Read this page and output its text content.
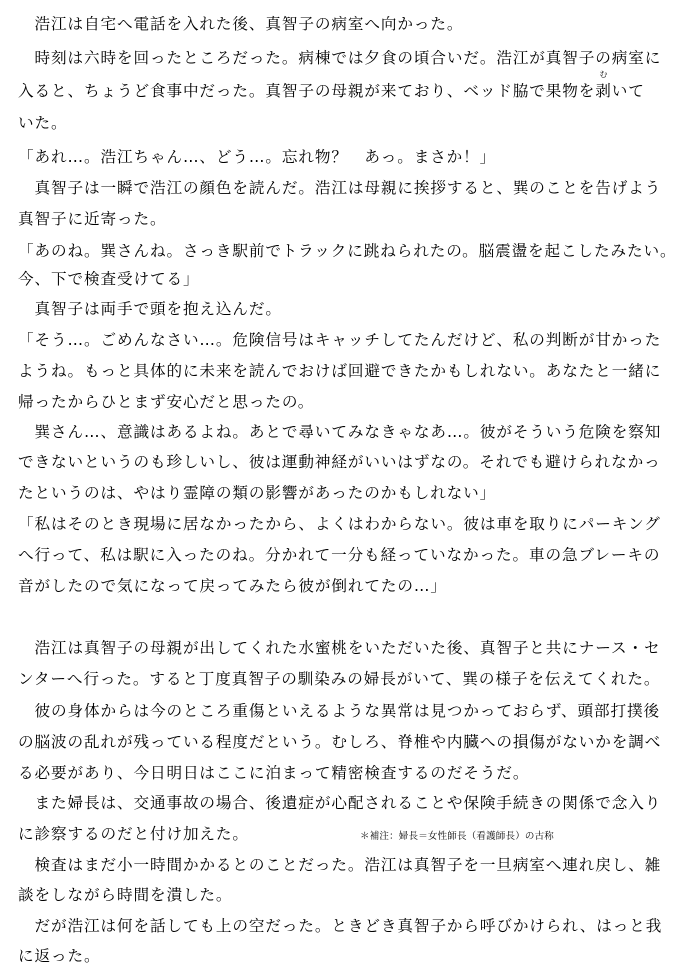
　浩江は自宅へ電話を入れた後、真智子の病室へ向かった。
　時刻は六時を回ったところだった。病棟では夕食の頃合いだ。浩江が真智子の病室に
入ると、ちょうど食事中だった。真智子の母親が来ており、ベッド脇で果物を剥
む
いて
いた。
「あれ…。浩江ちゃん…、どう…。忘れ物？　あっ。まさか！」
　真智子は一瞬で浩江の顔色を読んだ。浩江は母親に挨拶すると、巽のことを告げよう
真智子に近寄った。
「あのね。巽さんね。さっき駅前でトラックに跳ねられたの。脳震盪を起こしたみたい。
今、下で検査受けてる」
　真智子は両手で頭を抱え込んだ。
「そう…。ごめんなさい…。危険信号はキャッチしてたんだけど、私の判断が甘かった
ようね。もっと具体的に未来を読んでおけば回避できたかもしれない。あなたと一緒に
帰ったからひとまず安心だと思ったの。
　巽さん…、意識はあるよね。あとで尋いてみなきゃなあ…。彼がそういう危険を察知
できないというのも珍しいし、彼は運動神経がいいはずなの。それでも避けられなかっ
たというのは、やはり霊障の類の影響があったのかもしれない」
「私はそのとき現場に居なかったから、よくはわからない。彼は車を取りにパーキング
へ行って、私は駅に入ったのね。分かれて一分も経っていなかった。車の急ブレーキの
音がしたので気になって戻ってみたら彼が倒れてたの…」
　浩江は真智子の母親が出してくれた水蜜桃をいただいた後、真智子と共にナース・セ
ンターへ行った。すると丁度真智子の馴染みの婦長がいて、巽の様子を伝えてくれた。
　彼の身体からは今のところ重傷といえるような異常は見つかっておらず、頭部打撲後
の脳波の乱れが残っている程度だという。むしろ、脊椎や内臓への損傷がないかを調べ
る必要があり、今日明日はここに泊まって精密検査するのだそうだ。
　また婦長は、交通事故の場合、後遺症が心配されることや保険手続きの関係で念入り
に診察するのだと付け加えた。	＊補注：婦長＝女性師長（看護師長）の古称
　検査はまだ小一時間かかるとのことだった。浩江は真智子を一旦病室へ連れ戻し、雑
談をしながら時間を潰した。
　だが浩江は何を話しても上の空だった。ときどき真智子から呼びかけられ、はっと我
に返った。
